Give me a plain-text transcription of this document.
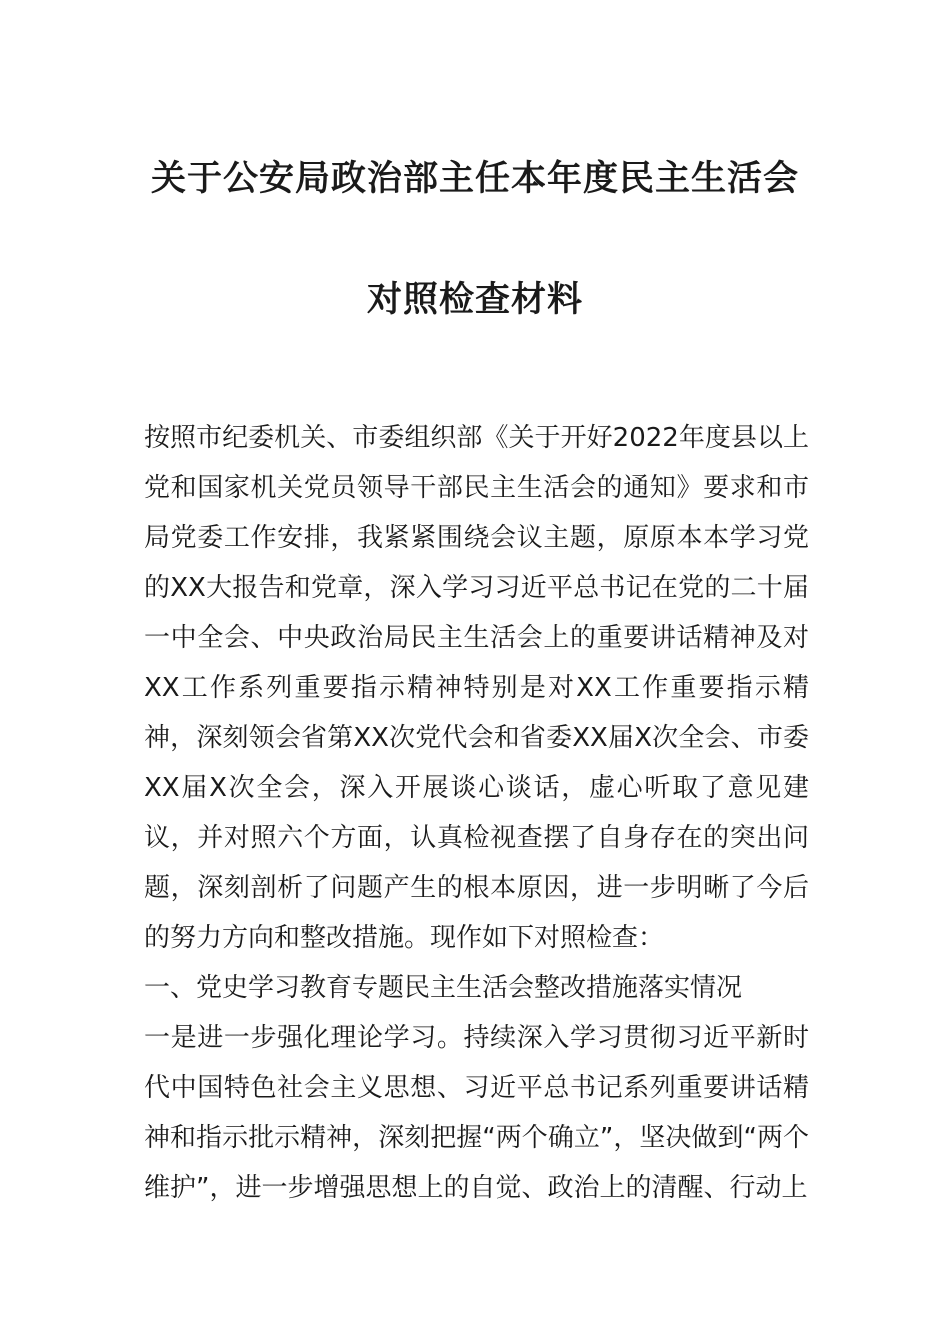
关于公安局政治部主任本年度民主生活会
对照检查材料

按照市纪委机关、市委组织部《关于开好2022年度县以上党和国家机关党员领导干部民主生活会的通知》要求和市局党委工作安排，我紧紧围绕会议主题，原原本本学习党的XX大报告和党章，深入学习习近平总书记在党的二十届一中全会、中央政治局民主生活会上的重要讲话精神及对XX工作系列重要指示精神特别是对XX工作重要指示精神，深刻领会省第XX次党代会和省委XX届X次全会、市委XX届X次全会，深入开展谈心谈话，虚心听取了意见建议，并对照六个方面，认真检视查摆了自身存在的突出问题，深刻剖析了问题产生的根本原因，进一步明晰了今后的努力方向和整改措施。现作如下对照检查：

一、党史学习教育专题民主生活会整改措施落实情况

一是进一步强化理论学习。持续深入学习贯彻习近平新时代中国特色社会主义思想、习近平总书记系列重要讲话精神和指示批示精神，深刻把握“两个确立”，坚决做到“两个维护”，进一步增强思想上的自觉、政治上的清醒、行动上
